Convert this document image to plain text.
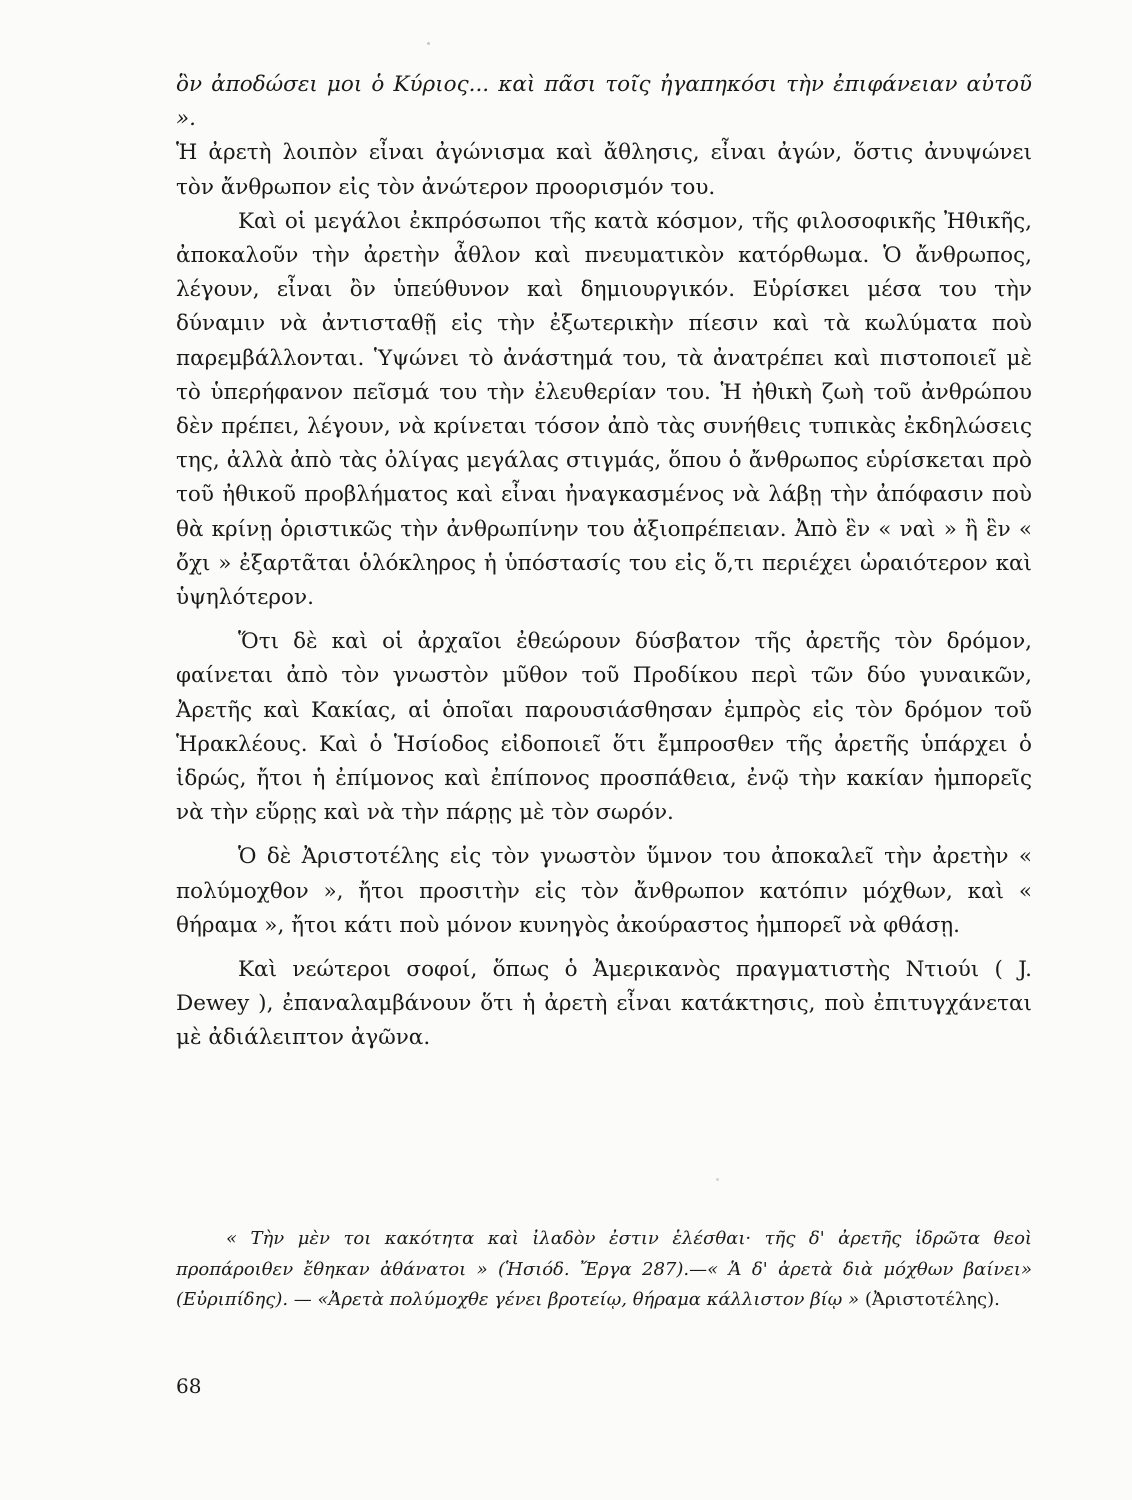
ὃν ἀποδώσει μοι ὁ Κύριος... καὶ πᾶσι τοῖς ἠγαπηκόσι τὴν ἐπιφάνειαν αὐτοῦ ».

Ἡ ἀρετὴ λοιπὸν εἶναι ἀγώνισμα καὶ ἄθλησις, εἶναι ἀγών, ὅστις ἀνυψώνει τὸν ἄνθρωπον εἰς τὸν ἀνώτερον προορισμόν του.

Καὶ οἱ μεγάλοι ἐκπρόσωποι τῆς κατὰ κόσμον, τῆς φιλοσοφικῆς Ἠθικῆς, ἀποκαλοῦν τὴν ἀρετὴν ἆθλον καὶ πνευματικὸν κατόρθωμα. Ὁ ἄνθρωπος, λέγουν, εἶναι ὂν ὑπεύθυνον καὶ δημιουργικόν. Εὑρίσκει μέσα του τὴν δύναμιν νὰ ἀντισταθῇ εἰς τὴν ἐξωτερικὴν πίεσιν καὶ τὰ κωλύματα ποὺ παρεμβάλλονται. Ὑψώνει τὸ ἀνάστημά του, τὰ ἀνατρέπει καὶ πιστοποιεῖ μὲ τὸ ὑπερήφανον πεῖσμά του τὴν ἐλευθερίαν του. Ἡ ἠθικὴ ζωὴ τοῦ ἀνθρώπου δὲν πρέπει, λέγουν, νὰ κρίνεται τόσον ἀπὸ τὰς συνήθεις τυπικὰς ἐκδηλώσεις της, ἀλλὰ ἀπὸ τὰς ὀλίγας μεγάλας στιγμάς, ὅπου ὁ ἄνθρωπος εὑρίσκεται πρὸ τοῦ ἠθικοῦ προβλήματος καὶ εἶναι ἠναγκασμένος νὰ λάβῃ τὴν ἀπόφασιν ποὺ θὰ κρίνῃ ὁριστικῶς τὴν ἀνθρωπίνην του ἀξιοπρέπειαν. Ἀπὸ ἓν « ναὶ » ἢ ἓν « ὄχι » ἐξαρτᾶται ὁλόκληρος ἡ ὑπόστασίς του εἰς ὅ,τι περιέχει ὡραιότερον καὶ ὑψηλότερον.

Ὅτι δὲ καὶ οἱ ἀρχαῖοι ἐθεώρουν δύσβατον τῆς ἀρετῆς τὸν δρόμον, φαίνεται ἀπὸ τὸν γνωστὸν μῦθον τοῦ Προδίκου περὶ τῶν δύο γυναικῶν, Ἀρετῆς καὶ Κακίας, αἱ ὁποῖαι παρουσιάσθησαν ἐμπρὸς εἰς τὸν δρόμον τοῦ Ἡρακλέους. Καὶ ὁ Ἡσίοδος εἰδοποιεῖ ὅτι ἔμπροσθεν τῆς ἀρετῆς ὑπάρχει ὁ ἱδρώς, ἤτοι ἡ ἐπίμονος καὶ ἐπίπονος προσπάθεια, ἐνῷ τὴν κακίαν ἠμπορεῖς νὰ τὴν εὕρῃς καὶ νὰ τὴν πάρῃς μὲ τὸν σωρόν.

Ὁ δὲ Ἀριστοτέλης εἰς τὸν γνωστὸν ὕμνον του ἀποκαλεῖ τὴν ἀρετὴν « πολύμοχθον », ἤτοι προσιτὴν εἰς τὸν ἄνθρωπον κατόπιν μόχθων, καὶ « θήραμα », ἤτοι κάτι ποὺ μόνον κυνηγὸς ἀκούραστος ἠμπορεῖ νὰ φθάσῃ.

Καὶ νεώτεροι σοφοί, ὅπως ὁ Ἀμερικανὸς πραγματιστὴς Ντιούι ( J. Dewey ), ἐπαναλαμβάνουν ὅτι ἡ ἀρετὴ εἶναι κατάκτησις, ποὺ ἐπιτυγχάνεται μὲ ἀδιάλειπτον ἀγῶνα.

« Τὴν μὲν τοι κακότητα καὶ ἰλαδὸν ἐστιν ἑλέσθαι· τῆς δ' ἀρετῆς ἱδρῶτα θεοὶ προπάροιθεν ἔθηκαν ἀθάνατοι » (Ἡσιόδ. Ἔργα 287).—« Ἁ δ' ἀρετὰ διὰ μόχθων βαίνει» (Εὐριπίδης). — «Ἀρετὰ πολύμοχθε γένει βροτείῳ, θήραμα κάλλιστον βίῳ » (Ἀριστοτέλης).

68
